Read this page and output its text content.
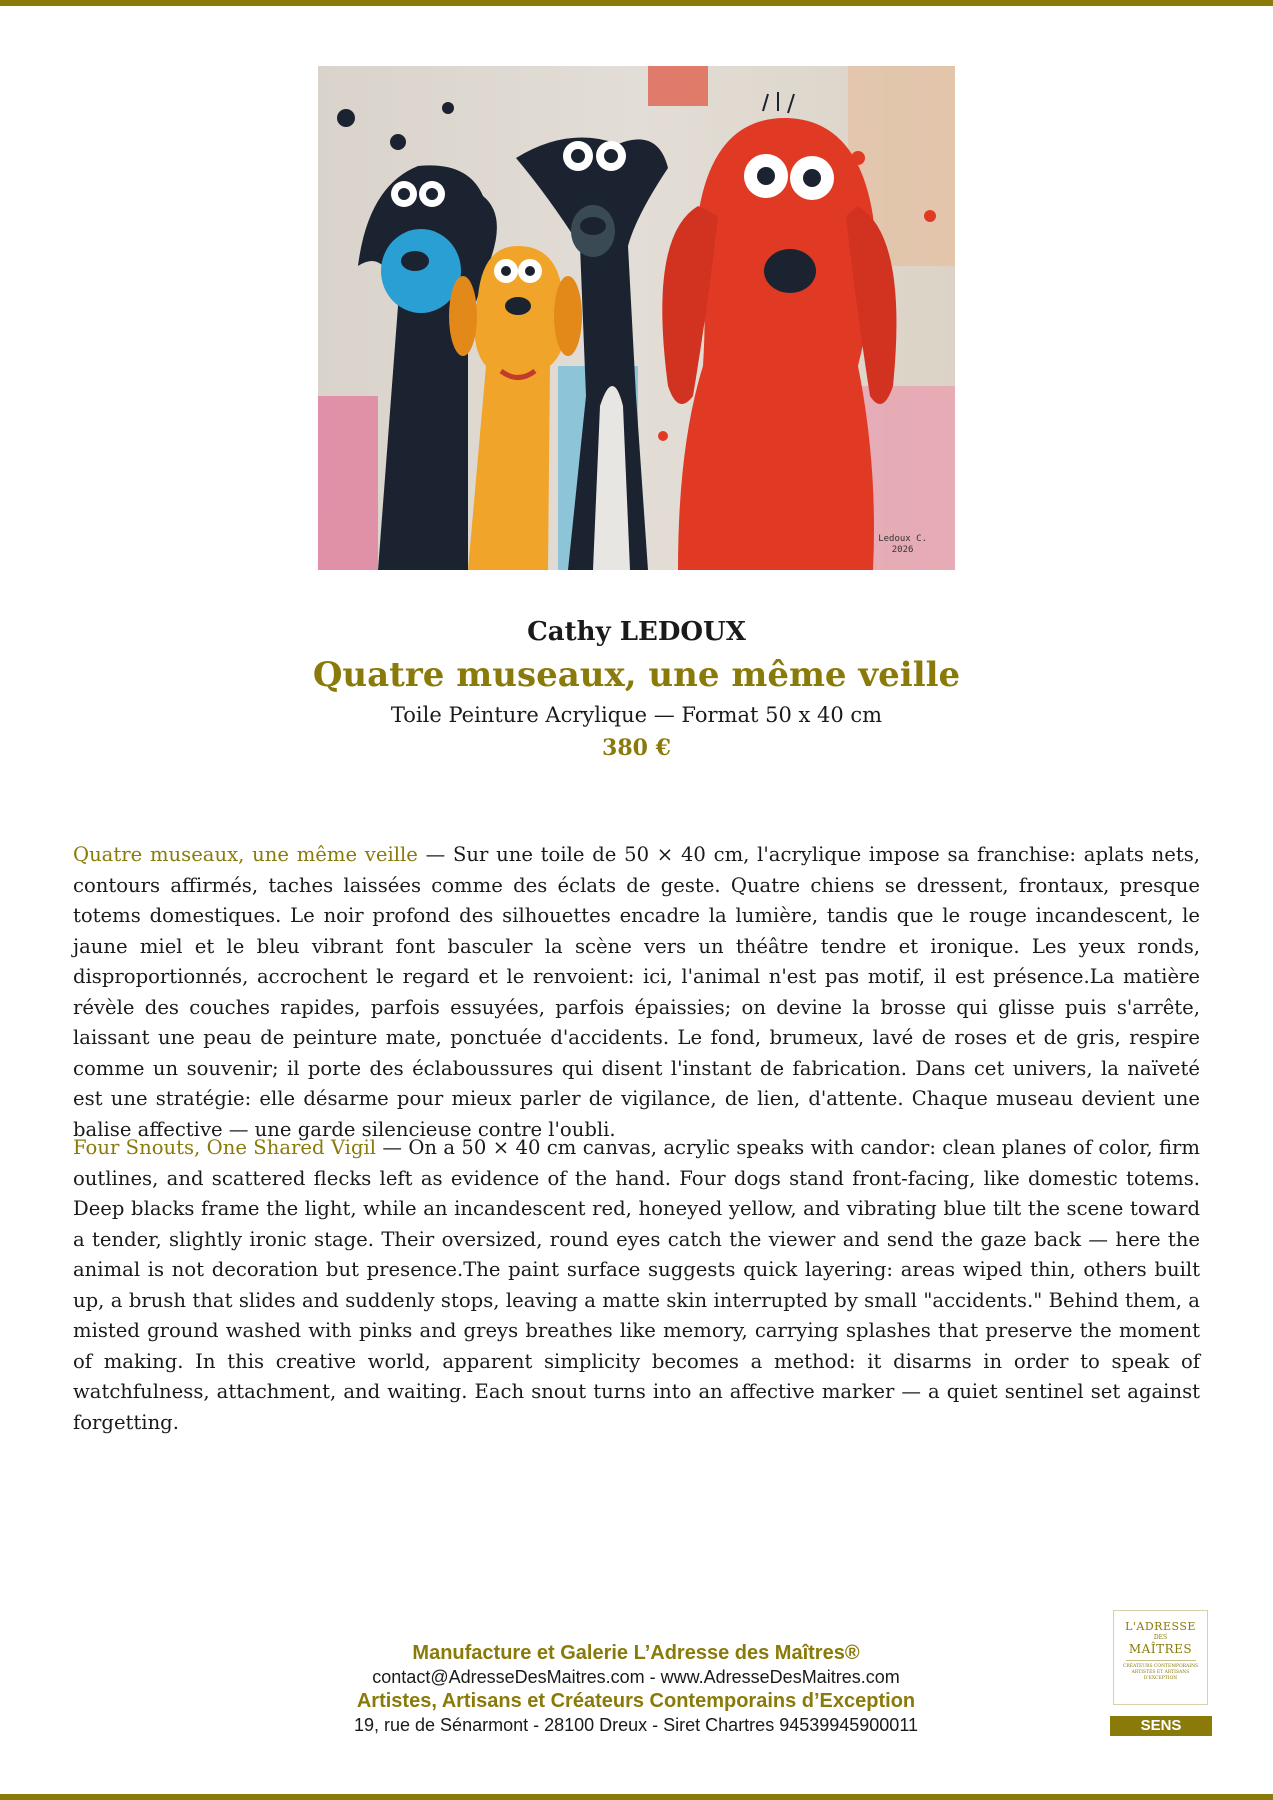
Ledoux C.
2026
Cathy LEDOUX
Quatre museaux, une même veille
Toile Peinture Acrylique — Format 50 x 40 cm
380 €

Quatre museaux, une même veille — Sur une toile de 50 × 40 cm, l'acrylique impose sa franchise: aplats nets, contours affirmés, taches laissées comme des éclats de geste. Quatre chiens se dressent, frontaux, presque totems domestiques. Le noir profond des silhouettes encadre la lumière, tandis que le rouge incandescent, le jaune miel et le bleu vibrant font basculer la scène vers un théâtre tendre et ironique. Les yeux ronds, disproportionnés, accrochent le regard et le renvoient: ici, l'animal n'est pas motif, il est présence.La matière révèle des couches rapides, parfois essuyées, parfois épaissies; on devine la brosse qui glisse puis s'arrête, laissant une peau de peinture mate, ponctuée d'accidents. Le fond, brumeux, lavé de roses et de gris, respire comme un souvenir; il porte des éclaboussures qui disent l'instant de fabrication. Dans cet univers, la naïveté est une stratégie: elle désarme pour mieux parler de vigilance, de lien, d'attente. Chaque museau devient une balise affective — une garde silencieuse contre l'oubli.

Four Snouts, One Shared Vigil — On a 50 × 40 cm canvas, acrylic speaks with candor: clean planes of color, firm outlines, and scattered flecks left as evidence of the hand. Four dogs stand front-facing, like domestic totems. Deep blacks frame the light, while an incandescent red, honeyed yellow, and vibrating blue tilt the scene toward a tender, slightly ironic stage. Their oversized, round eyes catch the viewer and send the gaze back — here the animal is not decoration but presence.The paint surface suggests quick layering: areas wiped thin, others built up, a brush that slides and suddenly stops, leaving a matte skin interrupted by small "accidents." Behind them, a misted ground washed with pinks and greys breathes like memory, carrying splashes that preserve the moment of making. In this creative world, apparent simplicity becomes a method: it disarms in order to speak of watchfulness, attachment, and waiting. Each snout turns into an affective marker — a quiet sentinel set against forgetting.

Manufacture et Galerie L’Adresse des Maîtres®
contact@AdresseDesMaitres.com - www.AdresseDesMaitres.com
Artistes, Artisans et Créateurs Contemporains d’Exception
19, rue de Sénarmont - 28100 Dreux - Siret Chartres 94539945900011
L'ADRESSE
DES
MAÎTRES
CRÉATEURS CONTEMPORAINS ARTISTES ET ARTISANS D'EXCEPTION
SENS
